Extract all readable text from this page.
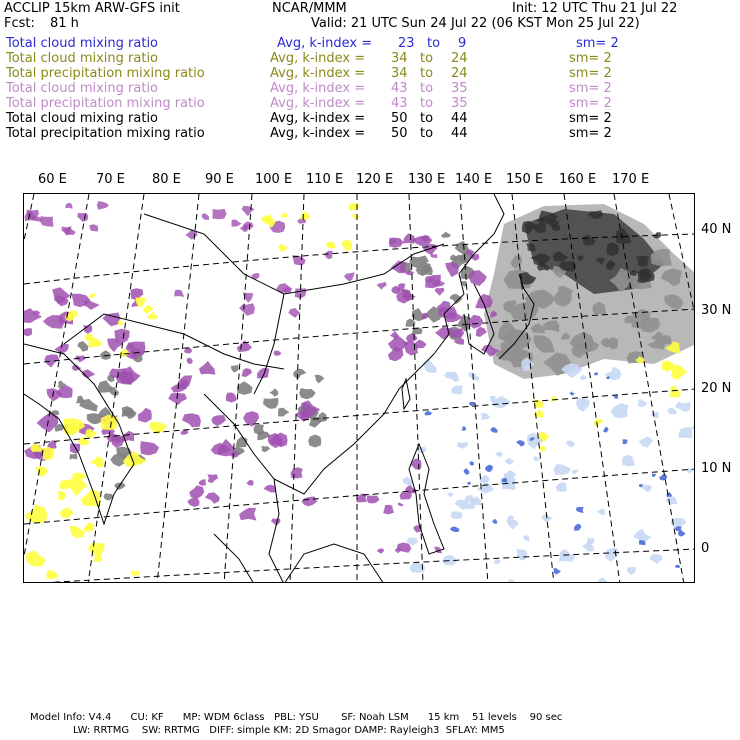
ACCLIP 15km ARW-GFS init	NCAR/MMM	Init: 12 UTC Thu 21 Jul 22
Fcst: 81 h	Valid: 21 UTC Sun 24 Jul 22 (06 KST Mon 25 Jul 22)
Total cloud mixing ratio	Avg, k-index = 23 to 9	sm= 2
Total cloud mixing ratio	Avg, k-index = 34 to 24	sm= 2
Total precipitation mixing ratio	Avg, k-index = 34 to 24	sm= 2
Total cloud mixing ratio	Avg, k-index = 43 to 35	sm= 2
Total precipitation mixing ratio	Avg, k-index = 43 to 35	sm= 2
Total cloud mixing ratio	Avg, k-index = 50 to 44	sm= 2
Total precipitation mixing ratio	Avg, k-index = 50 to 44	sm= 2
60 E 70 E 80 E 90 E 100 E 110 E 120 E 130 E 140 E 150 E 160 E 170 E
40 N
30 N
20 N
10 N
0
Model Info: V4.4      CU: KF      MP: WDM 6class   PBL: YSU       SF: Noah LSM      15 km    51 levels    90 sec
LW: RRTMG    SW: RRTMG   DIFF: simple KM: 2D Smagor DAMP: Rayleigh3  SFLAY: MM5
